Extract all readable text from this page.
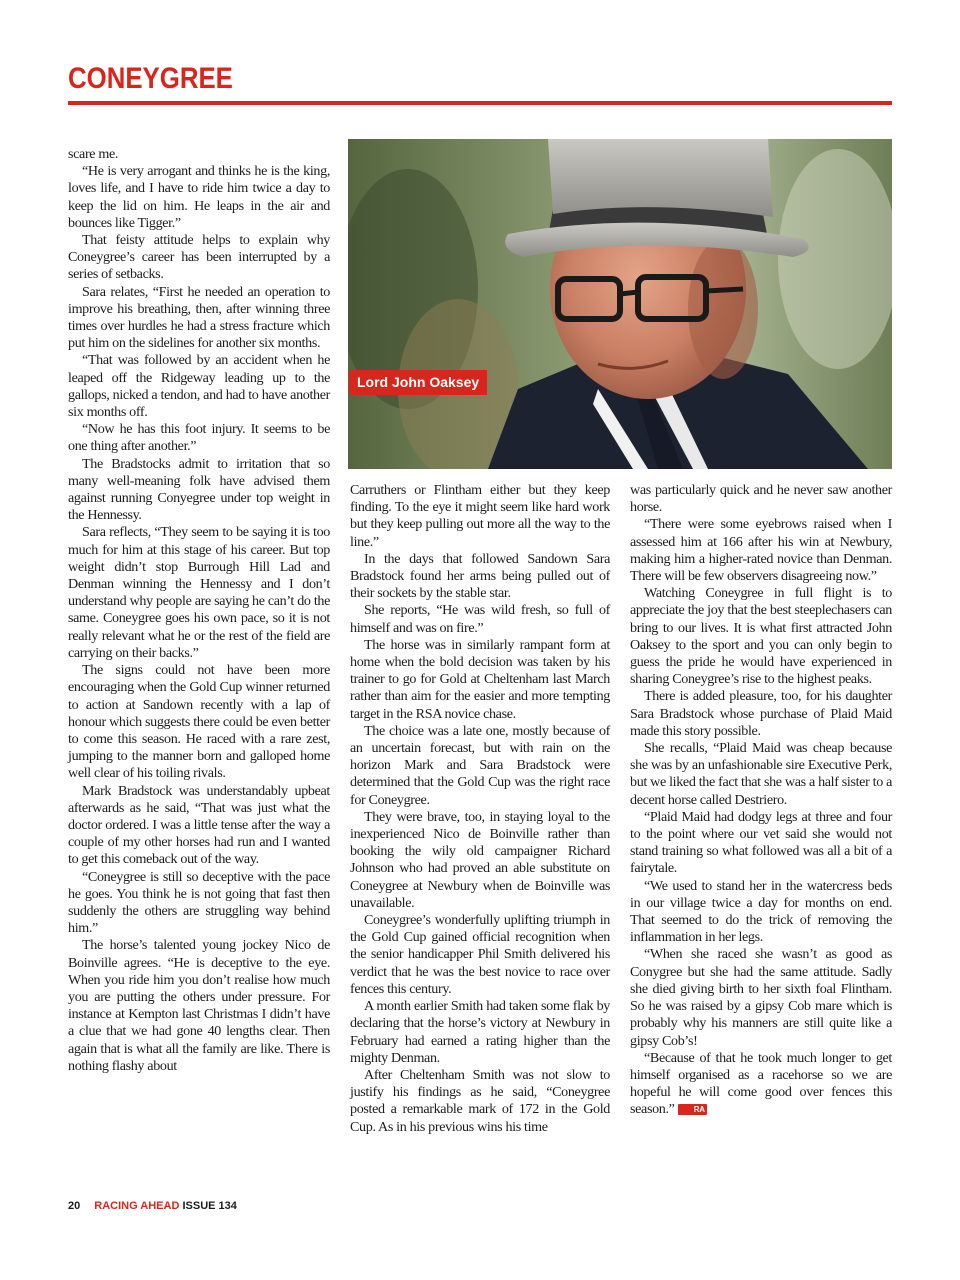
CONEYGREE

scare me.

“He is very arrogant and thinks he is the king, loves life, and I have to ride him twice a day to keep the lid on him. He leaps in the air and bounces like Tigger.”

That feisty attitude helps to explain why Coneygree’s career has been interrupted by a series of setbacks.

Sara relates, “First he needed an operation to improve his breathing, then, after winning three times over hurdles he had a stress fracture which put him on the sidelines for another six months.

“That was followed by an accident when he leaped off the Ridgeway leading up to the gallops, nicked a tendon, and had to have another six months off.

“Now he has this foot injury. It seems to be one thing after another.”

The Bradstocks admit to irritation that so many well-meaning folk have advised them against running Conyegree under top weight in the Hennessy.

Sara reflects, “They seem to be saying it is too much for him at this stage of his career. But top weight didn’t stop Burrough Hill Lad and Denman winning the Hennessy and I don’t understand why people are saying he can’t do the same. Coneygree goes his own pace, so it is not really relevant what he or the rest of the field are carrying on their backs.”

The signs could not have been more encouraging when the Gold Cup winner returned to action at Sandown recently with a lap of honour which suggests there could be even better to come this season. He raced with a rare zest, jumping to the manner born and galloped home well clear of his toiling rivals.

Mark Bradstock was understandably upbeat afterwards as he said, “That was just what the doctor ordered. I was a little tense after the way a couple of my other horses had run and I wanted to get this comeback out of the way.

“Coneygree is still so deceptive with the pace he goes. You think he is not going that fast then suddenly the others are struggling way behind him.”

The horse’s talented young jockey Nico de Boinville agrees. “He is deceptive to the eye. When you ride him you don’t realise how much you are putting the others under pressure. For instance at Kempton last Christmas I didn’t have a clue that we had gone 40 lengths clear. Then again that is what all the family are like. There is nothing flashy about

Lord John Oaksey

Carruthers or Flintham either but they keep finding. To the eye it might seem like hard work but they keep pulling out more all the way to the line.”

In the days that followed Sandown Sara Bradstock found her arms being pulled out of their sockets by the stable star.

She reports, “He was wild fresh, so full of himself and was on fire.”

The horse was in similarly rampant form at home when the bold decision was taken by his trainer to go for Gold at Cheltenham last March rather than aim for the easier and more tempting target in the RSA novice chase.

The choice was a late one, mostly because of an uncertain forecast, but with rain on the horizon Mark and Sara Bradstock were determined that the Gold Cup was the right race for Coneygree.

They were brave, too, in staying loyal to the inexperienced Nico de Boinville rather than booking the wily old campaigner Richard Johnson who had proved an able substitute on Coneygree at Newbury when de Boinville was unavailable.

Coneygree’s wonderfully uplifting triumph in the Gold Cup gained official recognition when the senior handicapper Phil Smith delivered his verdict that he was the best novice to race over fences this century.

A month earlier Smith had taken some flak by declaring that the horse’s victory at Newbury in February had earned a rating higher than the mighty Denman.

After Cheltenham Smith was not slow to justify his findings as he said, “Coneygree posted a remarkable mark of 172 in the Gold Cup. As in his previous wins his time

was particularly quick and he never saw another horse.

“There were some eyebrows raised when I assessed him at 166 after his win at Newbury, making him a higher-rated novice than Denman. There will be few observers disagreeing now.”

Watching Coneygree in full flight is to appreciate the joy that the best steeplechasers can bring to our lives. It is what first attracted John Oaksey to the sport and you can only begin to guess the pride he would have experienced in sharing Coneygree’s rise to the highest peaks.

There is added pleasure, too, for his daughter Sara Bradstock whose purchase of Plaid Maid made this story possible.

She recalls, “Plaid Maid was cheap because she was by an unfashionable sire Executive Perk, but we liked the fact that she was a half sister to a decent horse called Destriero.

“Plaid Maid had dodgy legs at three and four to the point where our vet said she would not stand training so what followed was all a bit of a fairytale.

“We used to stand her in the watercress beds in our village twice a day for months on end. That seemed to do the trick of removing the inflammation in her legs.

“When she raced she wasn’t as good as Conygree but she had the same attitude. Sadly she died giving birth to her sixth foal Flintham. So he was raised by a gipsy Cob mare which is probably why his manners are still quite like a gipsy Cob’s!

“Because of that he took much longer to get himself organised as a racehorse so we are hopeful he will come good over fences this season.” RA

20 RACING AHEAD ISSUE 134
